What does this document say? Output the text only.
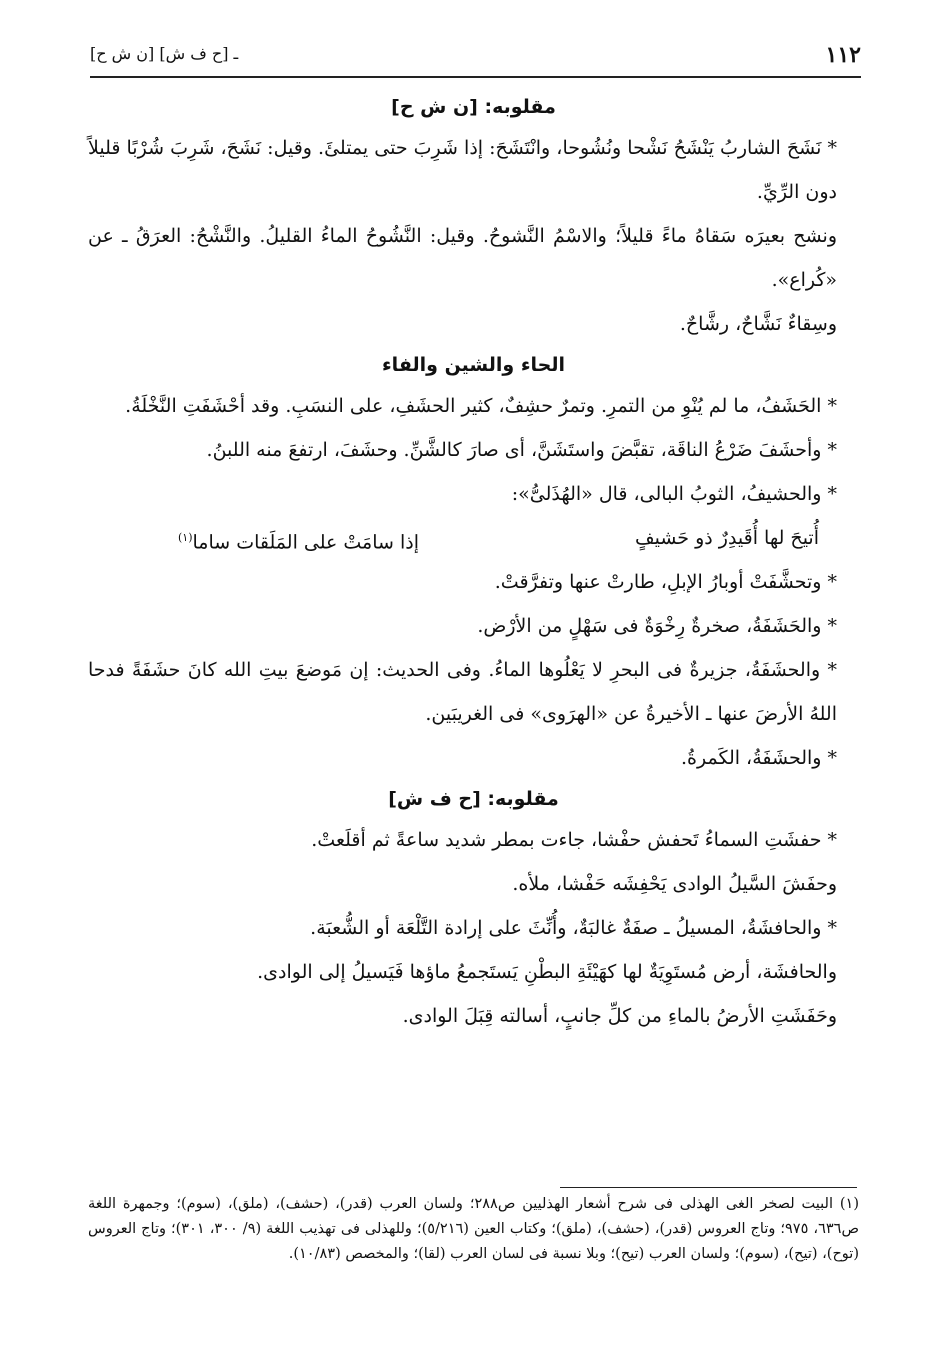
١١٢
[ن ش ح] ـ [ح ف ش]
مقلوبه: [ن ش ح]

* نَشَحَ الشاربُ يَنْشَحُ نَشْحا ونُشُوحا، وانْتَشَحَ: إذا شَرِبَ حتى يمتلئَ. وقيل: نَشَحَ، شَرِبَ شُرْبًا قليلاً دون الرِّيِّ.

ونشح بعيرَه سَقاهُ ماءً قليلاً؛ والاسْمُ النَّشوحُ. وقيل: النَّشُوحُ الماءُ القليلُ. والنَّشْحُ: العرَقُ ـ عن «كُراع».

وسِقاءٌ نَشَّاحٌ، رشَّاحٌ.

الحاء والشين والفاء

* الحَشَفُ، ما لم يُنْوِ من التمرِ. وتمرٌ حشِفٌ، كثير الحشَفِ، على النسَبِ. وقد أحْشَفَتِ النَّخْلَةُ.

* وأحشَفَ ضَرْعُ الناقَة، تقبَّضَ واستَشَنَّ، أى صارَ كالشَّنِّ. وحشَفَ، ارتفعَ منه اللبنُ.
* والحشيفُ، الثوبُ البالى، قال «الهُذَلىُّ»:
أُتيحَ لها أُقَيدِرٌ ذو حَشيفٍ
إذا سامَتْ على المَلَقات ساما$^{(١)}$
* وتحشَّفَتْ أوبارُ الإبلِ، طارتْ عنها وتفرَّقتْ.
* والحَشَفَةُ، صخرةٌ رِخْوَةٌ فى سَهْلٍ من الأرْض.

* والحشَفَةُ، جزيرةٌ فى البحرِ لا يَعْلُوها الماءُ. وفى الحديث: إن مَوضعَ بيتِ الله كانَ حشَفَةً فدحا اللهُ الأرضَ عنها ـ الأخيرةُ عن «الهرَوى» فى الغريبَين.

* والحشَفَةُ، الكَمرةُ.
مقلوبه: [ح ف ش]
* حفشَتِ السماءُ تَحفش حفْشا، جاءت بمطر شديد ساعةً ثم أقلَعتْ.
وحفَشَ السَّيلُ الوادى يَحْفِشَه حَفْشا، ملأه.
* والحافشَةُ، المسيلُ ـ صفَةٌ غالبَةٌ، وأُنِّثَ على إرادة التَّلْعَة أو الشُّعبَة.
والحافشَة، أرض مُستَوِيَةٌ لها كهَيْئَةِ البطْنِ يَستَجمعُ ماؤها فَيَسيلُ إلى الوادى.
وحَفَشَتِ الأرضُ بالماءِ من كلِّ جانبٍ، أسالته قِبَلَ الوادى.
(١) البيت لصخر الغى الهذلى فى شرح أشعار الهذليين ص٢٨٨؛ ولسان العرب (قدر)، (حشف)، (ملق)، (سوم)؛ وجمهرة اللغة ص٦٣٦، ٩٧٥؛ وتاج العروس (قدر)، (حشف)، (ملق)؛ وكتاب العين (٥/٢١٦)؛ وللهذلى فى تهذيب اللغة (٩/ ٣٠٠، ٣٠١)؛ وتاج العروس (توح)، (تيح)، (سوم)؛ ولسان العرب (تيح)؛ وبلا نسبة فى لسان العرب (لقا)؛ والمخصص (١٠/٨٣).
